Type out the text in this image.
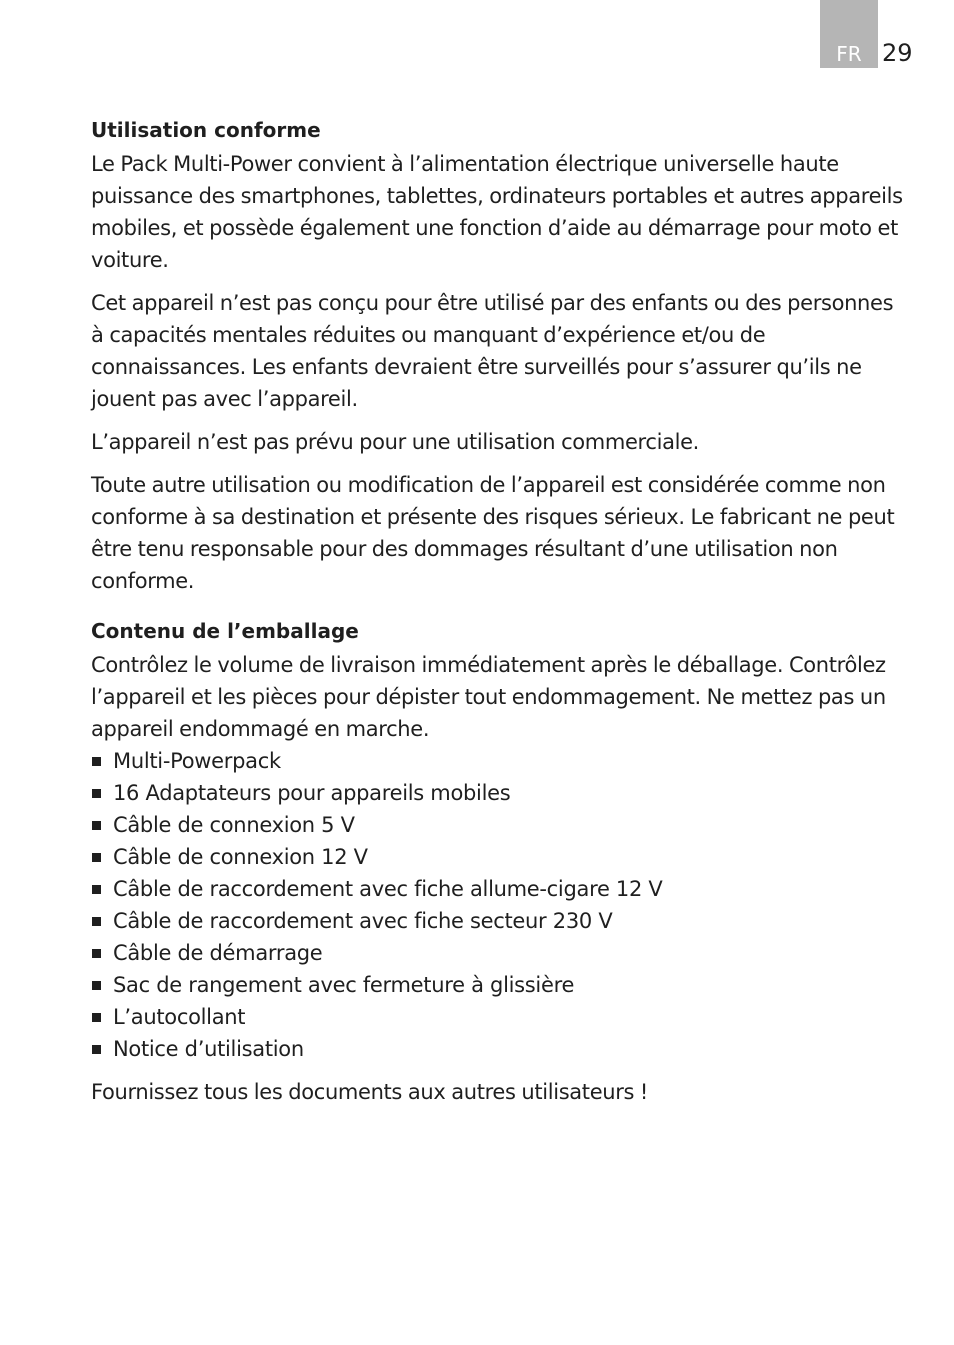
FR 29
Utilisation conforme

Le Pack Multi-Power convient à l’alimentation électrique universelle haute puissance des smartphones, tablettes, ordinateurs portables et autres appareils mobiles, et possède également une fonction d’aide au démarrage pour moto et voiture.

Cet appareil n’est pas conçu pour être utilisé par des enfants ou des personnes à capacités mentales réduites ou manquant d’expérience et/ou de connaissances. Les enfants devraient être surveillés pour s’assurer qu’ils ne jouent pas avec l’appareil.

L’appareil n’est pas prévu pour une utilisation commerciale.

Toute autre utilisation ou modification de l’appareil est considérée comme non conforme à sa destination et présente des risques sérieux. Le fabricant ne peut être tenu responsable pour des dommages résultant d’une utilisation non conforme.

Contenu de l’emballage

Contrôlez le volume de livraison immédiatement après le déballage. Contrôlez l’appareil et les pièces pour dépister tout endommagement. Ne mettez pas un appareil endommagé en marche.

Multi-Powerpack
16 Adaptateurs pour appareils mobiles
Câble de connexion 5 V
Câble de connexion 12 V
Câble de raccordement avec fiche allume-cigare 12 V
Câble de raccordement avec fiche secteur 230 V
Câble de démarrage
Sac de rangement avec fermeture à glissière
L’autocollant
Notice d’utilisation

Fournissez tous les documents aux autres utilisateurs !
